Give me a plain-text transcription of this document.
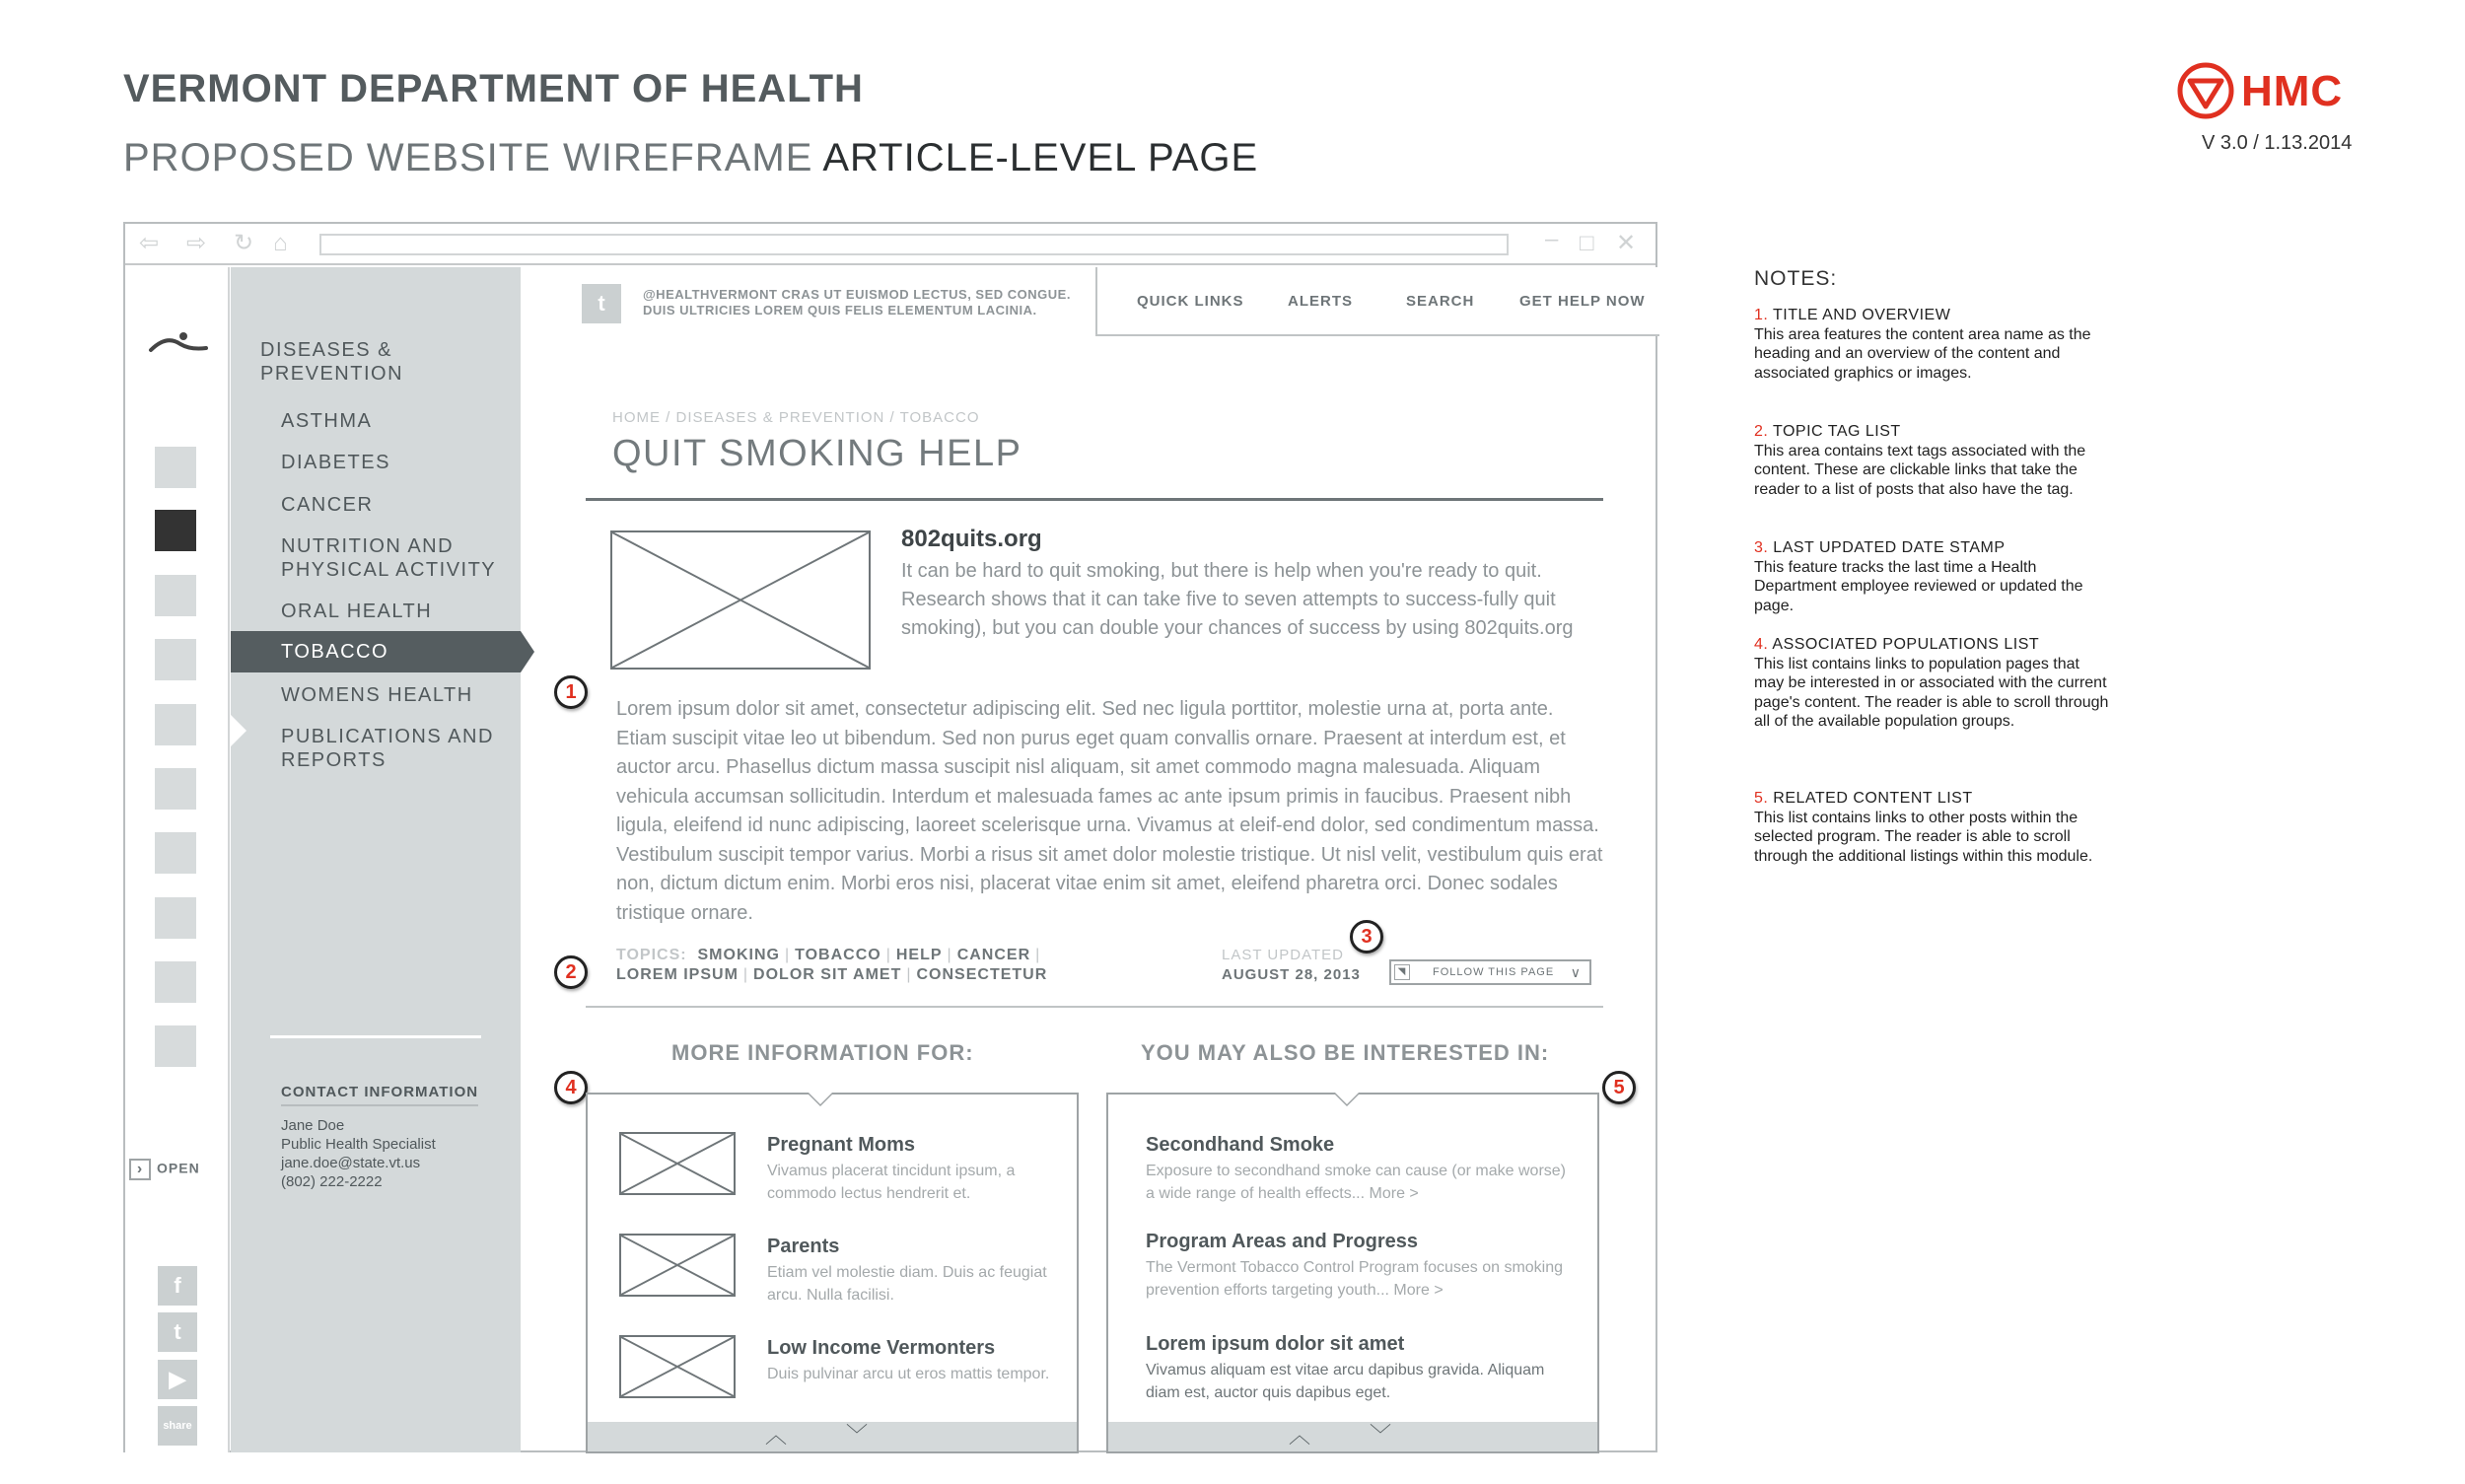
VERMONT DEPARTMENT OF HEALTH
PROPOSED WEBSITE WIREFRAME ARTICLE-LEVEL PAGE
HMC
V 3.0 / 1.13.2014
⇦ ⇨ ↻ ⌂	– □ ✕
› OPEN
f
t
▶
share
DISEASES & PREVENTION
ASTHMA
DIABETES
CANCER
NUTRITION AND PHYSICAL ACTIVITY
ORAL HEALTH
TOBACCO
WOMENS HEALTH
PUBLICATIONS AND REPORTS
CONTACT INFORMATION
Jane Doe
Public Health Specialist
jane.doe@state.vt.us
(802) 222-2222
t	@HEALTHVERMONT CRAS UT EUISMOD LECTUS, SED CONGUE. DUIS ULTRICIES LOREM QUIS FELIS ELEMENTUM LACINIA.
QUICK LINKS	ALERTS	SEARCH	GET HELP NOW
HOME / DISEASES & PREVENTION / TOBACCO
QUIT SMOKING HELP
802quits.org
It can be hard to quit smoking, but there is help when you're ready to quit. Research shows that it can take five to seven attempts to success-fully quit smoking), but you can double your chances of success by using 802quits.org
1
Lorem ipsum dolor sit amet, consectetur adipiscing elit. Sed nec ligula porttitor, molestie urna at, porta ante. Etiam suscipit vitae leo ut bibendum. Sed non purus eget quam convallis ornare. Praesent at interdum est, et auctor arcu. Phasellus dictum massa suscipit nisl aliquam, sit amet commodo magna malesuada. Aliquam vehicula accumsan sollicitudin. Interdum et malesuada fames ac ante ipsum primis in faucibus. Praesent nibh ligula, eleifend id nunc adipiscing, laoreet scelerisque urna. Vivamus at eleif-end dolor, sed condimentum massa. Vestibulum suscipit tempor varius. Morbi a risus sit amet dolor molestie tristique. Ut nisl velit, vestibulum quis erat non, dictum dictum enim. Morbi eros nisi, placerat vitae enim sit amet, eleifend pharetra orci. Donec sodales tristique ornare.
2
TOPICS: SMOKING | TOBACCO | HELP | CANCER |
LOREM IPSUM | DOLOR SIT AMET | CONSECTETUR
LAST UPDATED
AUGUST 28, 2013
3
◥	FOLLOW THIS PAGE ∨
MORE INFORMATION FOR:
4
Pregnant Moms
Vivamus placerat tincidunt ipsum, a commodo lectus hendrerit et.
Parents
Etiam vel molestie diam. Duis ac feugiat arcu. Nulla facilisi.
Low Income Vermonters
Duis pulvinar arcu ut eros mattis tempor.
︿	﹀
YOU MAY ALSO BE INTERESTED IN:
5
Secondhand Smoke
Exposure to secondhand smoke can cause (or make worse) a wide range of health effects... More >
Program Areas and Progress
The Vermont Tobacco Control Program focuses on smoking prevention efforts targeting youth... More >
Lorem ipsum dolor sit amet
Vivamus aliquam est vitae arcu dapibus gravida. Aliquam diam est, auctor quis dapibus eget.
︿	﹀
NOTES:
1. TITLE AND OVERVIEW
This area features the content area name as the heading and an overview of the content and associated graphics or images.
2. TOPIC TAG LIST
This area contains text tags associated with the content. These are clickable links that take the reader to a list of posts that also have the tag.
3. LAST UPDATED DATE STAMP
This feature tracks the last time a Health Department employee reviewed or updated the page.
4. ASSOCIATED POPULATIONS LIST
This list contains links to population pages that may be interested in or associated with the current page's content. The reader is able to scroll through all of the available population groups.
5. RELATED CONTENT LIST
This list contains links to other posts within the selected program. The reader is able to scroll through the additional listings within this module.
